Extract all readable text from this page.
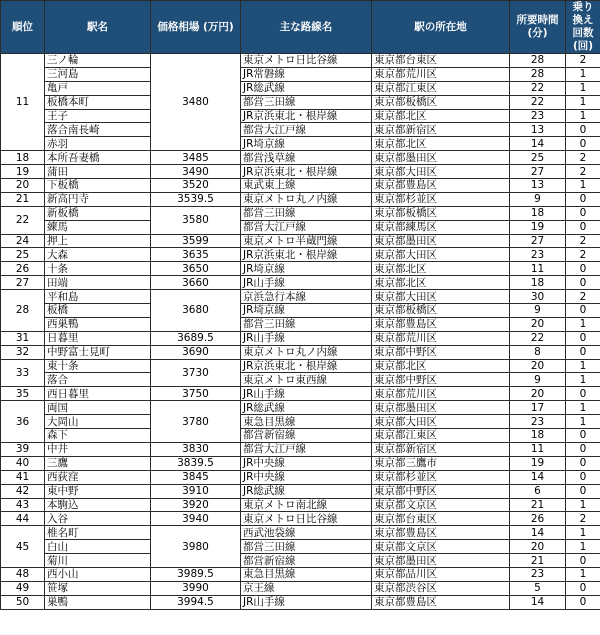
順位	駅名	価格相場 (万円)	主な路線名	駅の所在地	所要時間 (分)	乗り換え回数 (回)
11	三ノ輪	3480	東京メトロ日比谷線	東京都台東区	28	2
	三河島		JR常磐線	東京都荒川区	28	1
	亀戸		JR総武線	東京都江東区	22	1
	板橋本町		都営三田線	東京都板橋区	22	1
	王子		JR京浜東北・根岸線	東京都北区	23	1
	落合南長崎		都営大江戸線	東京都新宿区	13	0
	赤羽		JR埼京線	東京都北区	14	0
18	本所吾妻橋	3485	都営浅草線	東京都墨田区	25	2
19	蒲田	3490	JR京浜東北・根岸線	東京都大田区	27	2
20	下板橋	3520	東武東上線	東京都豊島区	13	1
21	新高円寺	3539.5	東京メトロ丸ノ内線	東京都杉並区	9	0
22	新板橋	3580	都営三田線	東京都板橋区	18	0
	練馬		都営大江戸線	東京都練馬区	19	0
24	押上	3599	東京メトロ半蔵門線	東京都墨田区	27	2
25	大森	3635	JR京浜東北・根岸線	東京都大田区	23	2
26	十条	3650	JR埼京線	東京都北区	11	0
27	田端	3660	JR山手線	東京都北区	18	0
28	平和島	3680	京浜急行本線	東京都大田区	30	2
	板橋		JR埼京線	東京都板橋区	9	0
	西巣鴨		都営三田線	東京都豊島区	20	1
31	日暮里	3689.5	JR山手線	東京都荒川区	22	0
32	中野富士見町	3690	東京メトロ丸ノ内線	東京都中野区	8	0
33	東十条	3730	JR京浜東北・根岸線	東京都北区	20	1
	落合		東京メトロ東西線	東京都中野区	9	1
35	西日暮里	3750	JR山手線	東京都荒川区	20	0
36	両国	3780	JR総武線	東京都墨田区	17	1
	大岡山		東急目黒線	東京都大田区	23	1
	森下		都営新宿線	東京都江東区	18	0
39	中井	3830	都営大江戸線	東京都新宿区	11	0
40	三鷹	3839.5	JR中央線	東京都三鷹市	19	0
41	西荻窪	3845	JR中央線	東京都杉並区	14	0
42	東中野	3910	JR総武線	東京都中野区	6	0
43	本駒込	3920	東京メトロ南北線	東京都文京区	21	1
44	入谷	3940	東京メトロ日比谷線	東京都台東区	26	2
45	椎名町	3980	西武池袋線	東京都豊島区	14	1
	白山		都営三田線	東京都文京区	20	1
	菊川		都営新宿線	東京都墨田区	21	0
48	西小山	3989.5	東急目黒線	東京都品川区	23	1
49	笹塚	3990	京王線	東京都渋谷区	5	0
50	巣鴨	3994.5	JR山手線	東京都豊島区	14	0
